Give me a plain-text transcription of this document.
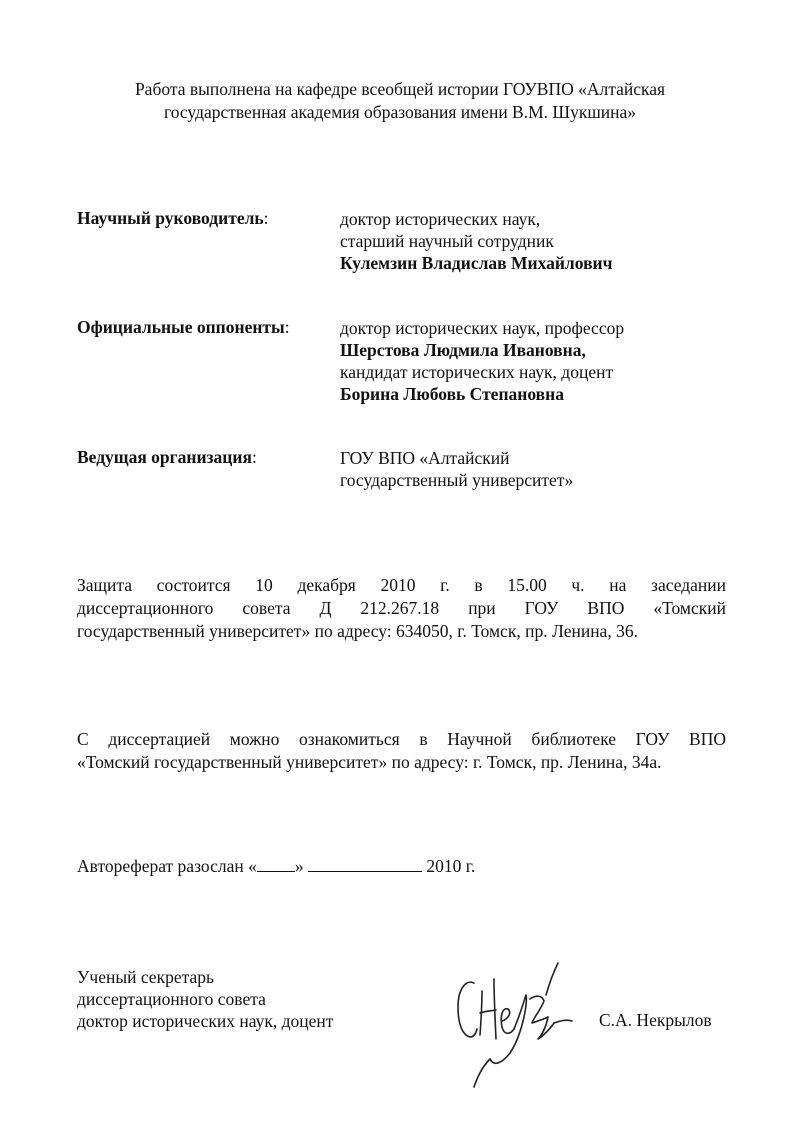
Работа выполнена на кафедре всеобщей истории ГОУВПО «Алтайская
государственная академия образования имени В.М. Шукшина»
Научный руководитель:	доктор исторических наук,
старший научный сотрудник
Кулемзин Владислав Михайлович
Официальные оппоненты:	доктор исторических наук, профессор
Шерстова Людмила Ивановна,
кандидат исторических наук, доцент
Борина Любовь Степановна
Ведущая организация:	ГОУ ВПО «Алтайский
государственный университет»
Защита состоится 10 декабря 2010 г. в 15.00 ч. на заседании
диссертационного совета Д 212.267.18 при ГОУ ВПО «Томский
государственный университет» по адресу: 634050, г. Томск, пр. Ленина, 36.
С диссертацией можно ознакомиться в Научной библиотеке ГОУ ВПО
«Томский государственный университет» по адресу: г. Томск, пр. Ленина, 34а.
Автореферат разослан « »	2010 г.
Ученый секретарь
диссертационного совета
доктор исторических наук, доцент	С.А. Некрылов
